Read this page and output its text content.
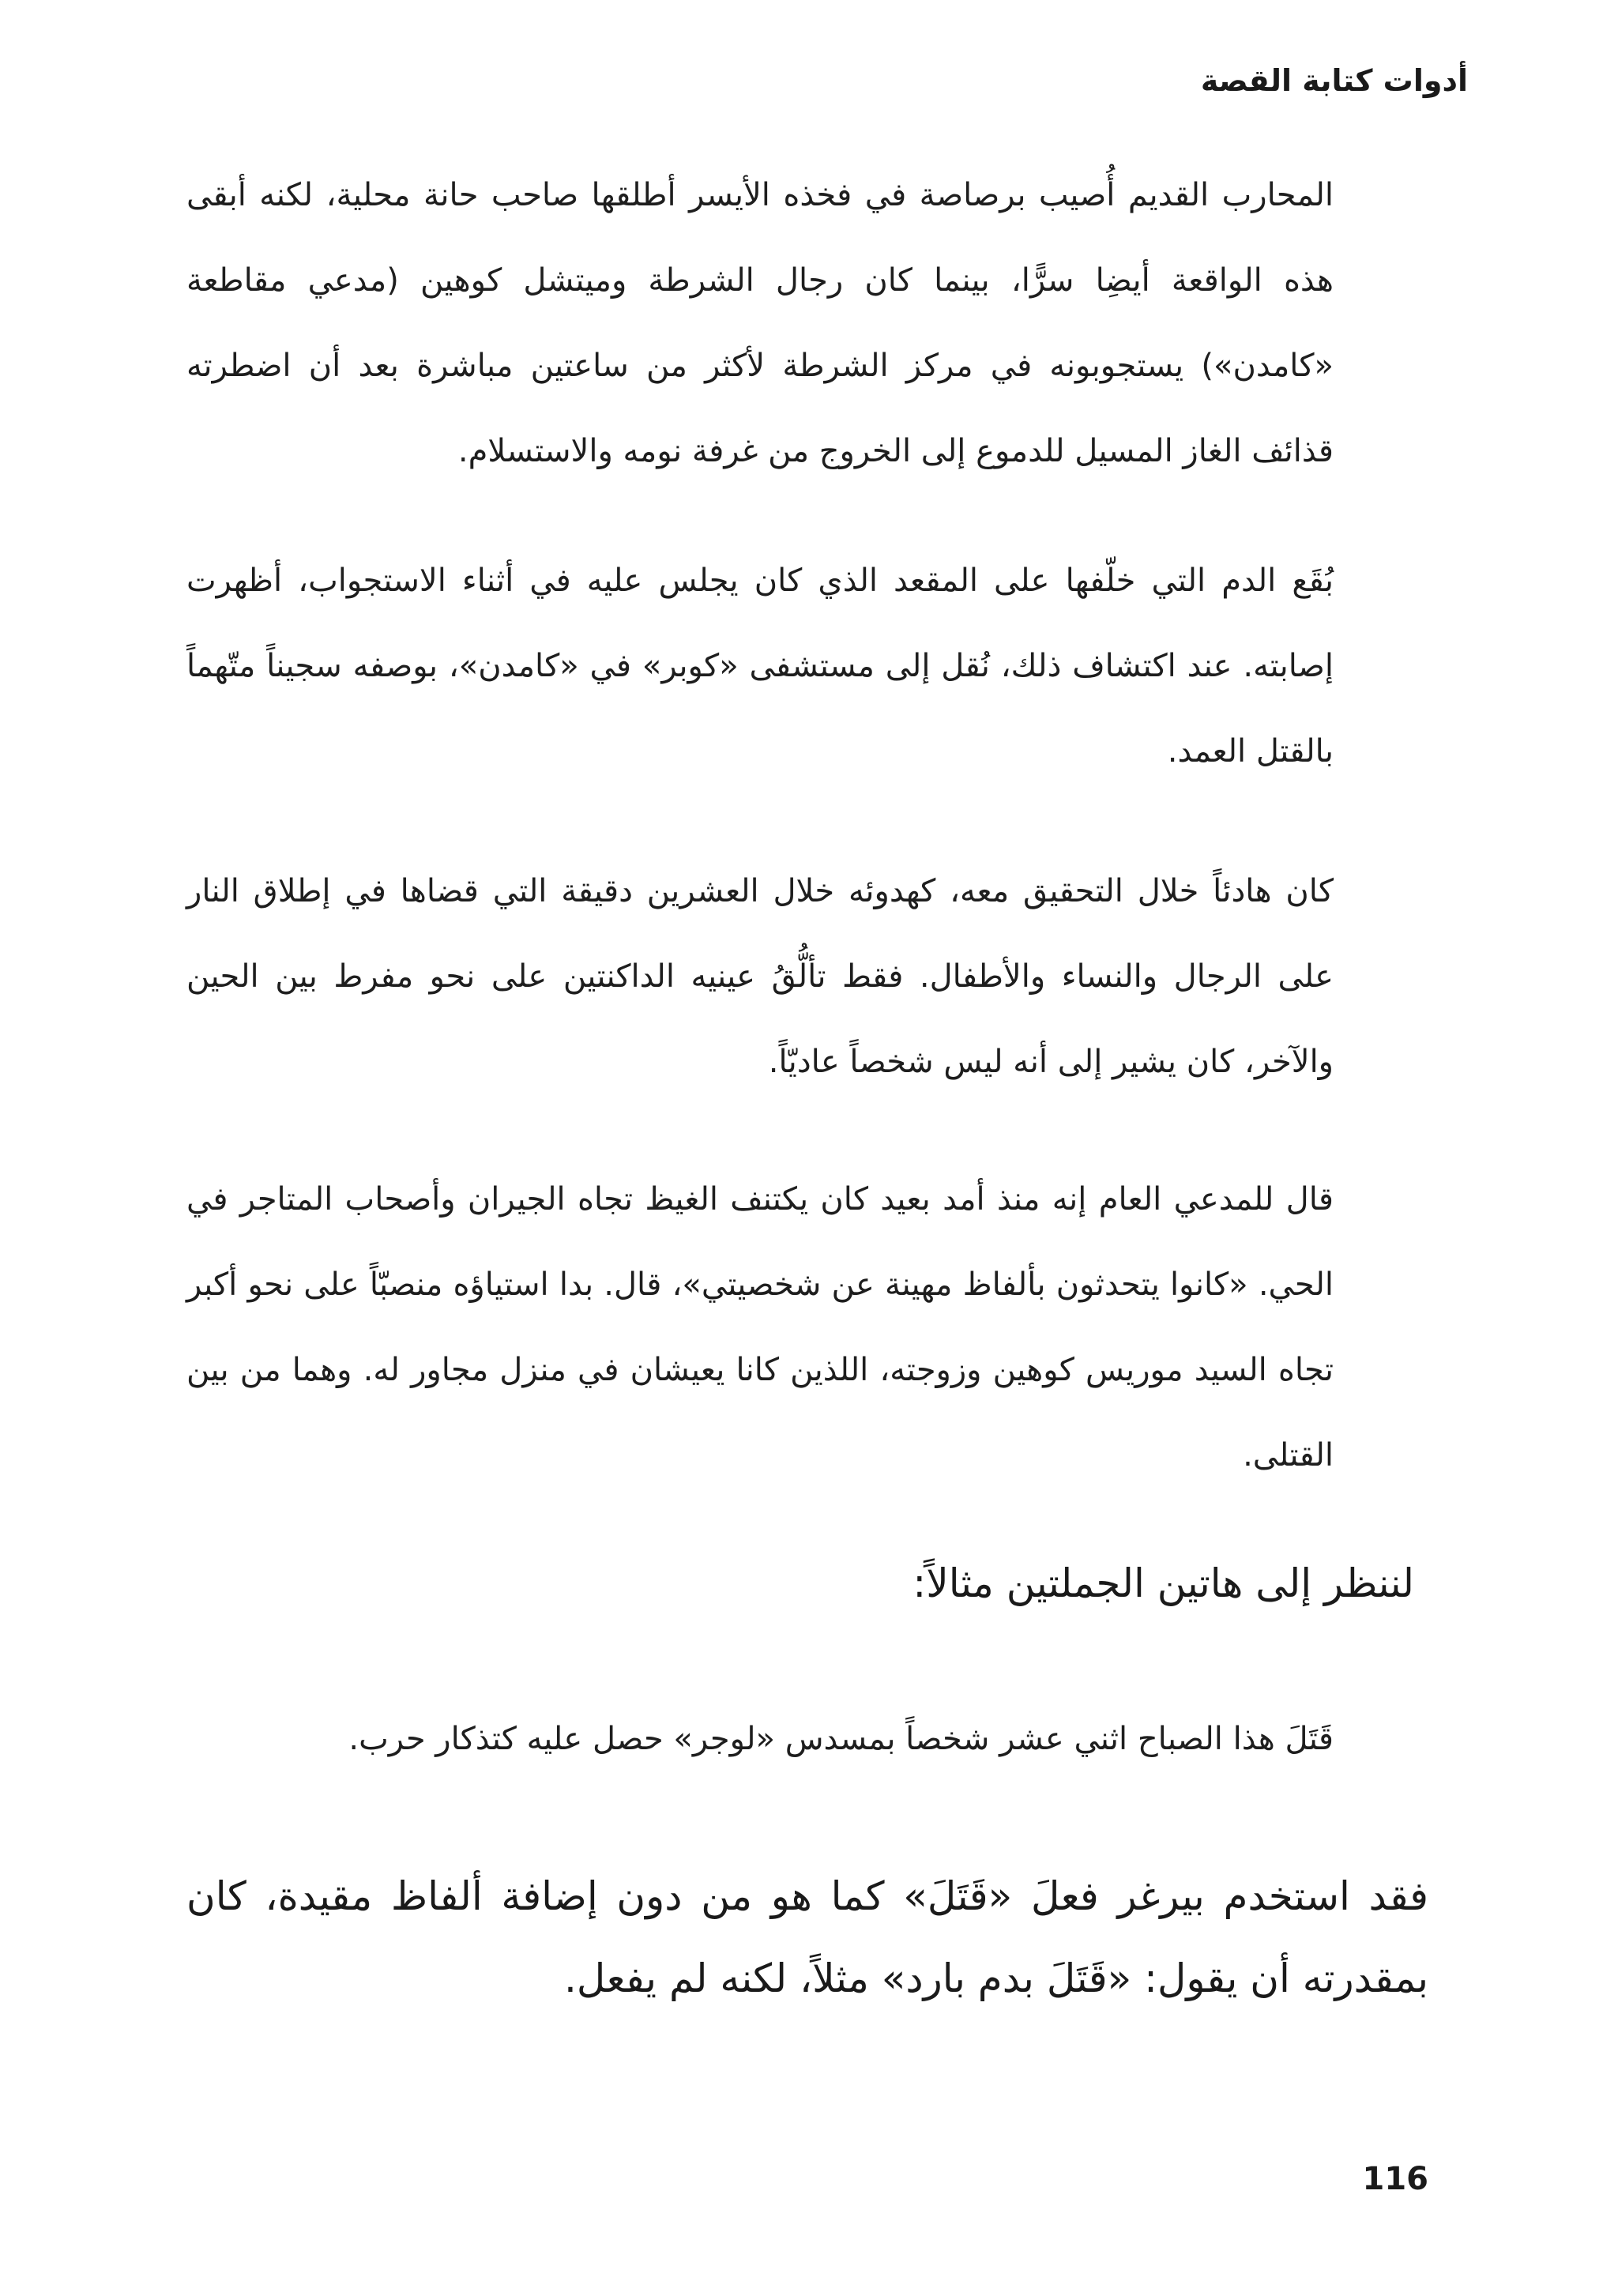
أدوات كتابة القصة

المحارب القديم أُصيب برصاصة في فخذه الأيسر أطلقها صاحب حانة محلية، لكنه أبقى هذه الواقعة أيضِا سرًّا، بينما كان رجال الشرطة وميتشل كوهين (مدعي مقاطعة «كامدن») يستجوبونه في مركز الشرطة لأكثر من ساعتين مباشرة بعد أن اضطرته قذائف الغاز المسيل للدموع إلى الخروج من غرفة نومه والاستسلام.

بُقَع الدم التي خلّفها على المقعد الذي كان يجلس عليه في أثناء الاستجواب، أظهرت إصابته. عند اكتشاف ذلك، نُقل إلى مستشفى «كوبر» في «كامدن»، بوصفه سجيناً متّهماً بالقتل العمد.

كان هادئاً خلال التحقيق معه، كهدوئه خلال العشرين دقيقة التي قضاها في إطلاق النار على الرجال والنساء والأطفال. فقط تألُّقُ عينيه الداكنتين على نحو مفرط بين الحين والآخر، كان يشير إلى أنه ليس شخصاً عاديّاً.

قال للمدعي العام إنه منذ أمد بعيد كان يكتنف الغيظ تجاه الجيران وأصحاب المتاجر في الحي. «كانوا يتحدثون بألفاظ مهينة عن شخصيتي»، قال. بدا استياؤه منصبّاً على نحو أكبر تجاه السيد موريس كوهين وزوجته، اللذين كانا يعيشان في منزل مجاور له. وهما من بين القتلى.

لننظر إلى هاتين الجملتين مثالاً:
قَتَلَ هذا الصباح اثني عشر شخصاً بمسدس «لوجر» حصل عليه كتذكار حرب.

فقد استخدم بيرغر فعلَ «قَتَلَ» كما هو من دون إضافة ألفاظ مقيدة، كان بمقدرته أن يقول: «قَتَلَ بدم بارد» مثلاً، لكنه لم يفعل.

116
